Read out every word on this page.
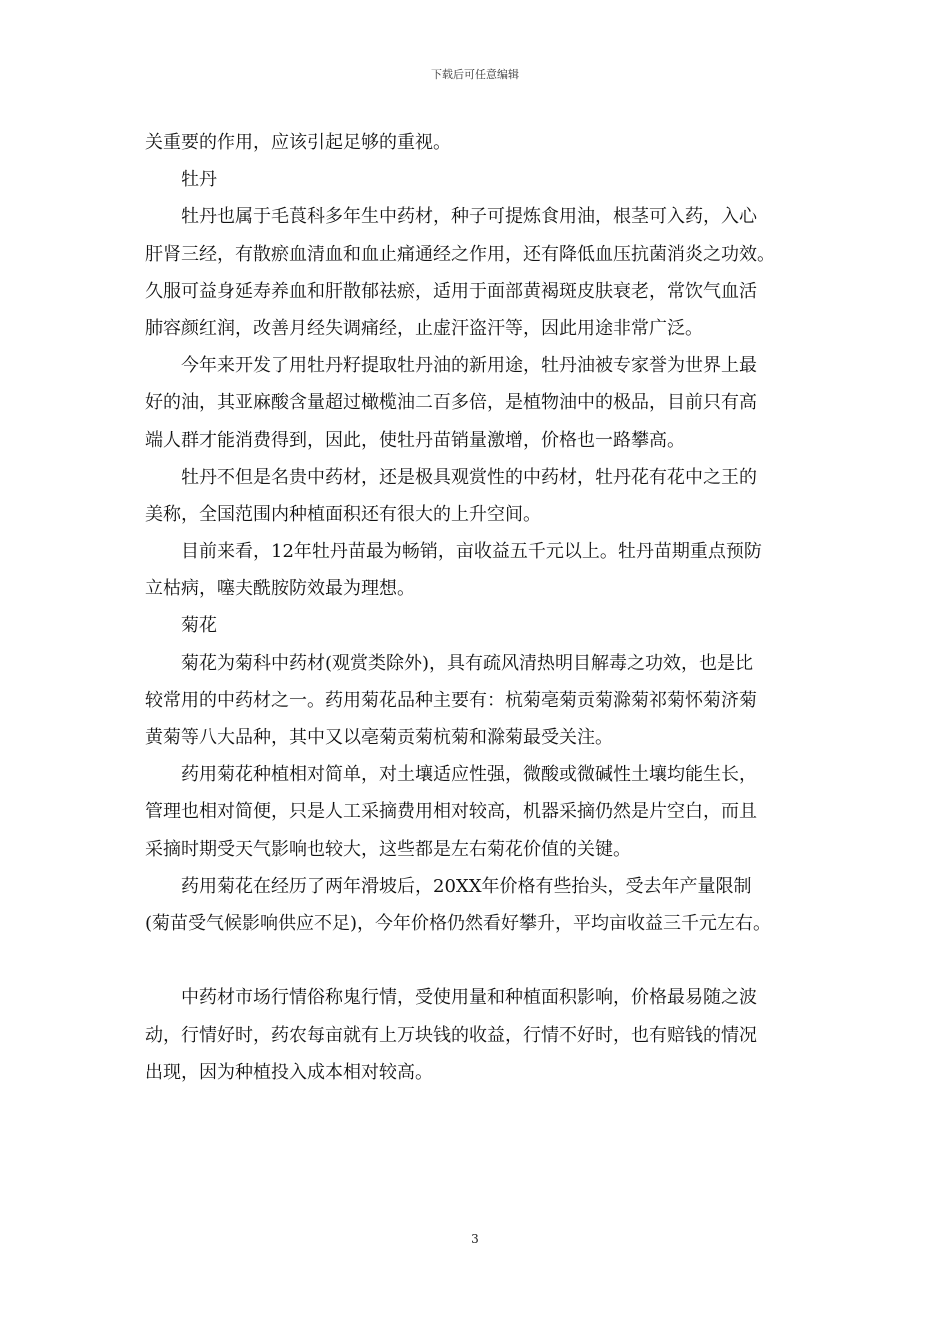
下载后可任意编辑
关重要的作用，应该引起足够的重视。
　　牡丹
　　牡丹也属于毛莨科多年生中药材，种子可提炼食用油，根茎可入药，入心
肝肾三经，有散瘀血清血和血止痛通经之作用，还有降低血压抗菌消炎之功效。
久服可益身延寿养血和肝散郁祛瘀，适用于面部黄褐斑皮肤衰老，常饮气血活
肺容颜红润，改善月经失调痛经，止虚汗盗汗等，因此用途非常广泛。
　　今年来开发了用牡丹籽提取牡丹油的新用途，牡丹油被专家誉为世界上最
好的油，其亚麻酸含量超过橄榄油二百多倍，是植物油中的极品，目前只有高
端人群才能消费得到，因此，使牡丹苗销量激增，价格也一路攀高。
　　牡丹不但是名贵中药材，还是极具观赏性的中药材，牡丹花有花中之王的
美称，全国范围内种植面积还有很大的上升空间。
　　目前来看，12年牡丹苗最为畅销，亩收益五千元以上。牡丹苗期重点预防
立枯病，噻夫酰胺防效最为理想。
　　菊花
　　菊花为菊科中药材(观赏类除外)，具有疏风清热明目解毒之功效，也是比
较常用的中药材之一。药用菊花品种主要有：杭菊亳菊贡菊滁菊祁菊怀菊济菊
黄菊等八大品种，其中又以亳菊贡菊杭菊和滁菊最受关注。
　　药用菊花种植相对简单，对土壤适应性强，微酸或微碱性土壤均能生长，
管理也相对简便，只是人工采摘费用相对较高，机器采摘仍然是片空白，而且
采摘时期受天气影响也较大，这些都是左右菊花价值的关键。
　　药用菊花在经历了两年滑坡后，20XX年价格有些抬头，受去年产量限制
(菊苗受气候影响供应不足)，今年价格仍然看好攀升，平均亩收益三千元左右。
　　中药材市场行情俗称鬼行情，受使用量和种植面积影响，价格最易随之波
动，行情好时，药农每亩就有上万块钱的收益，行情不好时，也有赔钱的情况
出现，因为种植投入成本相对较高。
3
